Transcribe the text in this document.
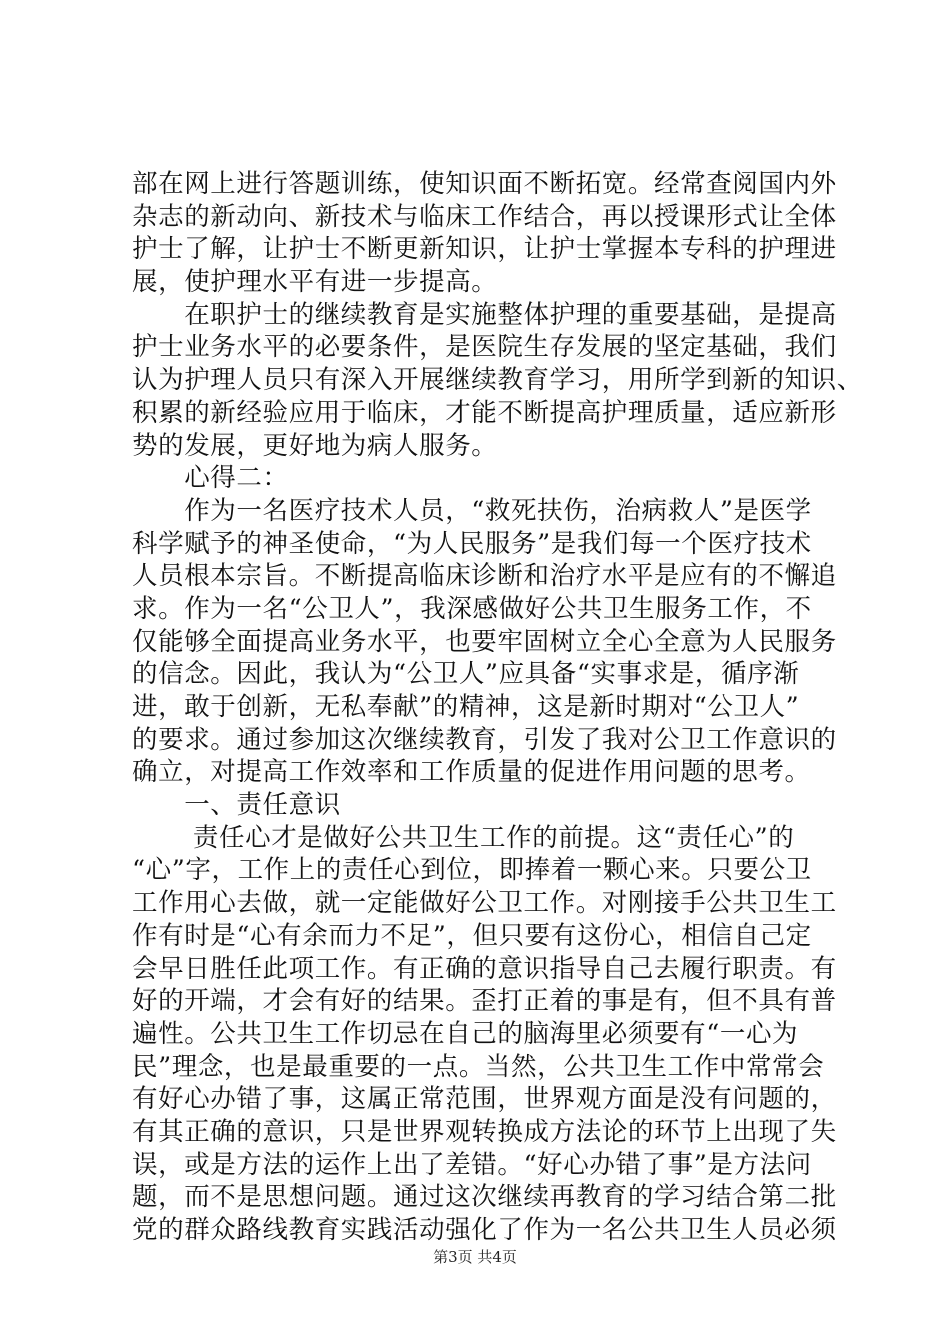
部在网上进行答题训练，使知识面不断拓宽。经常查阅国内外
杂志的新动向、新技术与临床工作结合，再以授课形式让全体
护士了解，让护士不断更新知识，让护士掌握本专科的护理进
展，使护理水平有进一步提高。
　　在职护士的继续教育是实施整体护理的重要基础，是提高
护士业务水平的必要条件，是医院生存发展的坚定基础，我们
认为护理人员只有深入开展继续教育学习，用所学到新的知识、
积累的新经验应用于临床，才能不断提高护理质量，适应新形
势的发展，更好地为病人服务。
　　心得二：
　　作为一名医疗技术人员，“救死扶伤，治病救人”是医学
科学赋予的神圣使命，“为人民服务”是我们每一个医疗技术
人员根本宗旨。不断提高临床诊断和治疗水平是应有的不懈追
求。作为一名“公卫人”，我深感做好公共卫生服务工作，不
仅能够全面提高业务水平，也要牢固树立全心全意为人民服务
的信念。因此，我认为“公卫人”应具备“实事求是，循序渐
进，敢于创新，无私奉献”的精神，这是新时期对“公卫人”
的要求。通过参加这次继续教育，引发了我对公卫工作意识的
确立，对提高工作效率和工作质量的促进作用问题的思考。
　　一、责任意识
　　 责任心才是做好公共卫生工作的前提。这“责任心”的
“心”字，工作上的责任心到位，即捧着一颗心来。只要公卫
工作用心去做，就一定能做好公卫工作。对刚接手公共卫生工
作有时是“心有余而力不足”，但只要有这份心，相信自己定
会早日胜任此项工作。有正确的意识指导自己去履行职责。有
好的开端，才会有好的结果。歪打正着的事是有，但不具有普
遍性。公共卫生工作切忌在自己的脑海里必须要有“一心为
民”理念，也是最重要的一点。当然，公共卫生工作中常常会
有好心办错了事，这属正常范围，世界观方面是没有问题的，
有其正确的意识，只是世界观转换成方法论的环节上出现了失
误，或是方法的运作上出了差错。“好心办错了事”是方法问
题，而不是思想问题。通过这次继续再教育的学习结合第二批
党的群众路线教育实践活动强化了作为一名公共卫生人员必须
第3页 共4页
